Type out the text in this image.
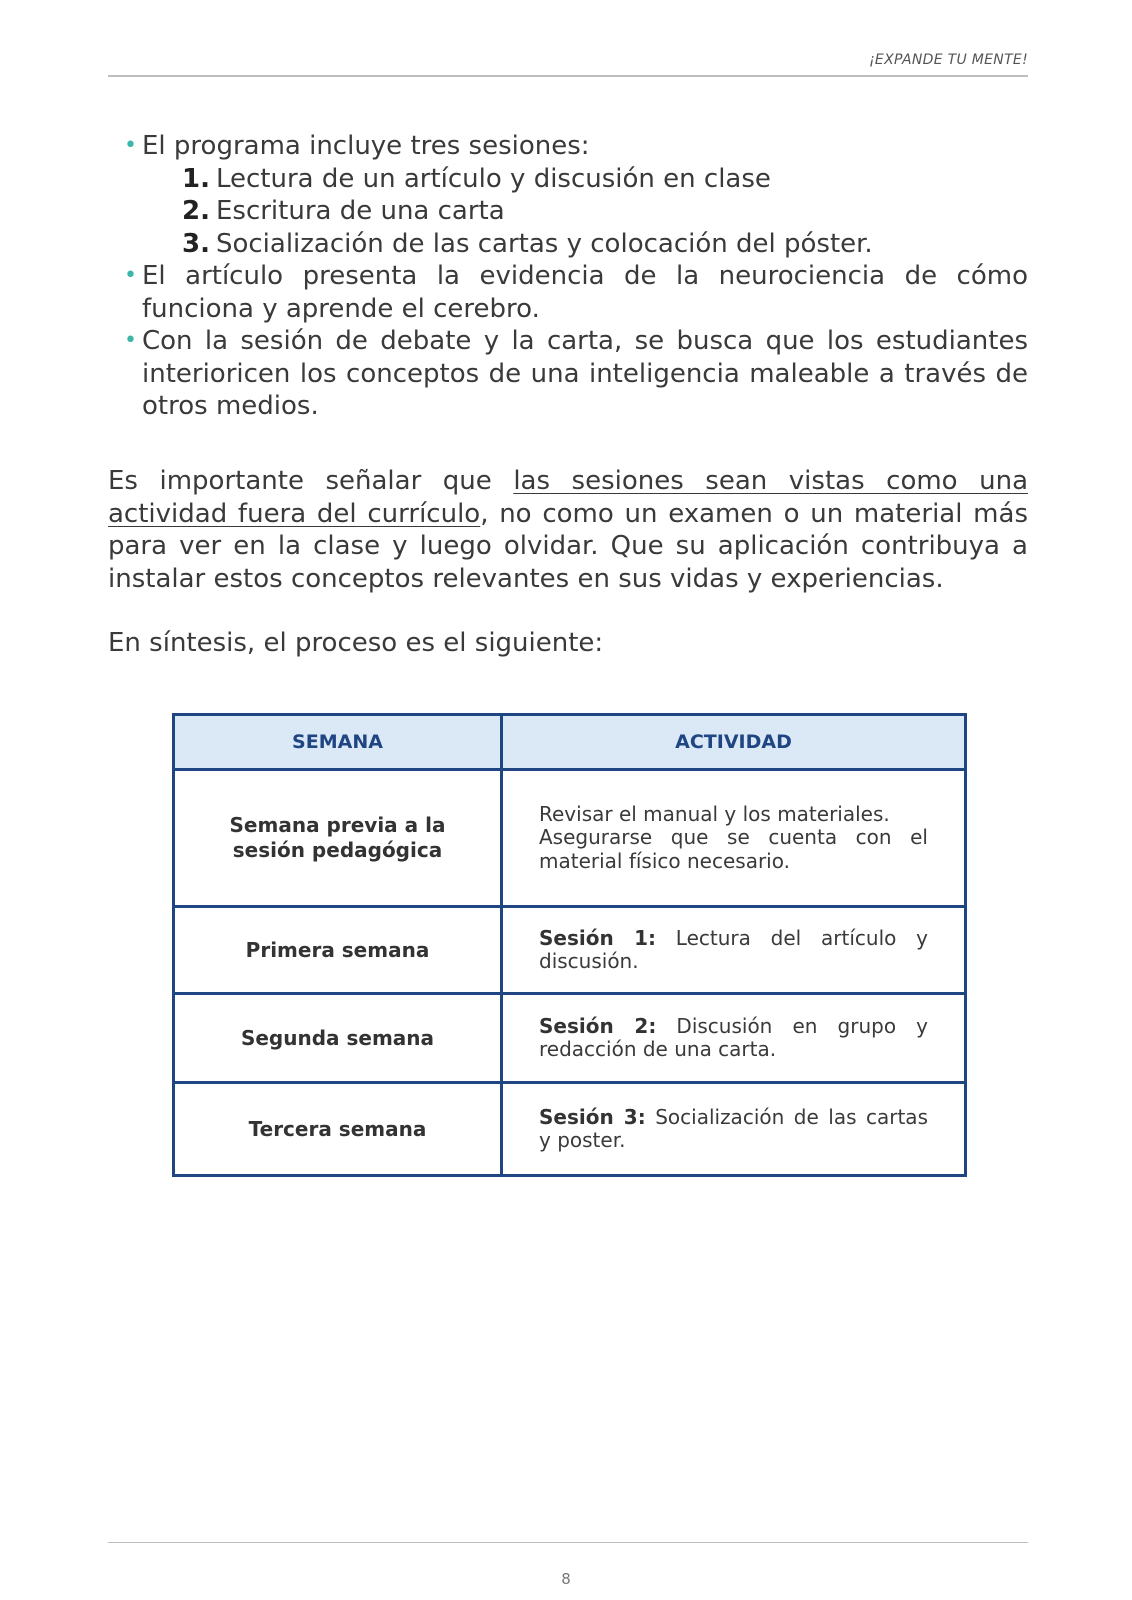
¡EXPANDE TU MENTE!
• El programa incluye tres sesiones:
1. Lectura de un artículo y discusión en clase
2. Escritura de una carta
3. Socialización de las cartas y colocación del póster.
• El artículo presenta la evidencia de la neurociencia de cómo funciona y aprende el cerebro.
• Con la sesión de debate y la carta, se busca que los estudiantes interioricen los conceptos de una inteligencia maleable a través de otros medios.
Es importante señalar que las sesiones sean vistas como una actividad fuera del currículo, no como un examen o un material más para ver en la clase y luego olvidar. Que su aplicación contribuya a instalar estos conceptos relevantes en sus vidas y experiencias.
En síntesis, el proceso es el siguiente:
SEMANA	ACTIVIDAD
Semana previa a la sesión pedagógica	Revisar el manual y los materiales.
Asegurarse que se cuenta con el material físico necesario.

Primera semana	Sesión 1: Lectura del artículo y discusión.
Segunda semana	Sesión 2: Discusión en grupo y redacción de una carta.
Tercera semana	Sesión 3: Socialización de las cartas y poster.
8
